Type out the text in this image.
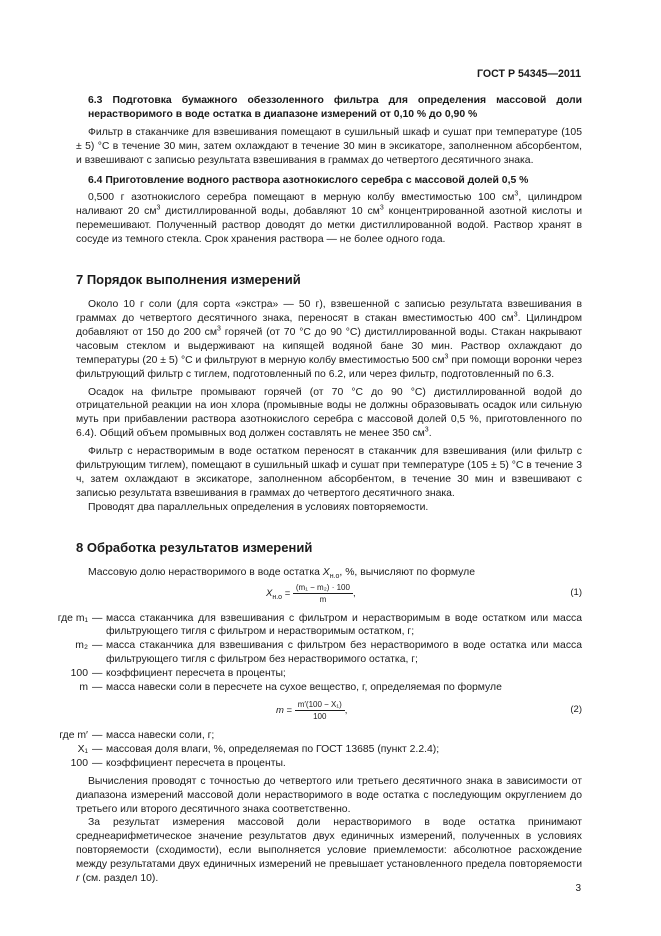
ГОСТ Р 54345—2011

6.3 Подготовка бумажного обеззоленного фильтра для определения массовой доли нерастворимого в воде остатка в диапазоне измерений от 0,10 % до 0,90 %

Фильтр в стаканчике для взвешивания помещают в сушильный шкаф и сушат при температуре (105 ± 5) °С в течение 30 мин, затем охлаждают в течение 30 мин в эксикаторе, заполненном абсорбентом, и взвешивают с записью результата взвешивания в граммах до четвертого десятичного знака.

6.4 Приготовление водного раствора азотнокислого серебра с массовой долей 0,5 %

0,500 г азотнокислого серебра помещают в мерную колбу вместимостью 100 $см^3$, цилиндром наливают 20 $см^3$ дистиллированной воды, добавляют 10 $см^3$ концентрированной азотной кислоты и перемешивают. Полученный раствор доводят до метки дистиллированной водой. Раствор хранят в сосуде из темного стекла. Срок хранения раствора — не более одного года.

7 Порядок выполнения измерений

Около 10 г соли (для сорта «экстра» — 50 г), взвешенной с записью результата взвешивания в граммах до четвертого десятичного знака, переносят в стакан вместимостью 400 $см^3$. Цилиндром добавляют от 150 до 200 $см^3$ горячей (от 70 °С до 90 °С) дистиллированной воды. Стакан накрывают часовым стеклом и выдерживают на кипящей водяной бане 30 мин. Раствор охлаждают до температуры (20 ± 5) °С и фильтруют в мерную колбу вместимостью 500 $см^3$ при помощи воронки через фильтрующий фильтр с тиглем, подготовленный по 6.2, или через фильтр, подготовленный по 6.3.

Осадок на фильтре промывают горячей (от 70 °С до 90 °С) дистиллированной водой до отрицательной реакции на ион хлора (промывные воды не должны образовывать осадок или сильную муть при прибавлении раствора азотнокислого серебра с массовой долей 0,5 %, приготовленного по 6.4). Общий объем промывных вод должен составлять не менее 350 $см^3$.

Фильтр с нерастворимым в воде остатком переносят в стаканчик для взвешивания (или фильтр с фильтрующим тиглем), помещают в сушильный шкаф и сушат при температуре (105 ± 5) °С в течение 3 ч, затем охлаждают в эксикаторе, заполненном абсорбентом, в течение 30 мин и взвешивают с записью результата взвешивания в граммах до четвертого десятичного знака.

Проводят два параллельных определения в условиях повторяемости.

8 Обработка результатов измерений

Массовую долю нерастворимого в воде остатка $X_{н.о}$, %, вычисляют по формуле

$X_{н.о} = \frac{\text{(m₁ − m₂) · 100}}{m}$ ,	(1)
где m₁ — масса стаканчика для взвешивания с фильтром и нерастворимым в воде остатком или масса фильтрующего тигля с фильтром и нерастворимым остатком, г;
m₂ — масса стаканчика для взвешивания с фильтром без нерастворимого в воде остатка или масса фильтрующего тигля с фильтром без нерастворимого остатка, г;
100 — коэффициент пересчета в проценты;
m — масса навески соли в пересчете на сухое вещество, г, определяемая по формуле
$m = \frac{\text{m′(100 − X₁)}}{100}$ ,	(2)
где m′ — масса навески соли, г;
X₁ — массовая доля влаги, %, определяемая по ГОСТ 13685 (пункт 2.2.4);
100 — коэффициент пересчета в проценты.

Вычисления проводят с точностью до четвертого или третьего десятичного знака в зависимости от диапазона измерений массовой доли нерастворимого в воде остатка с последующим округлением до третьего или второго десятичного знака соответственно.

За результат измерения массовой доли нерастворимого в воде остатка принимают среднеарифметическое значение результатов двух единичных измерений, полученных в условиях повторяемости (сходимости), если выполняется условие приемлемости: абсолютное расхождение между результатами двух единичных измерений не превышает установленного предела повторяемости r (см. раздел 10).

3
